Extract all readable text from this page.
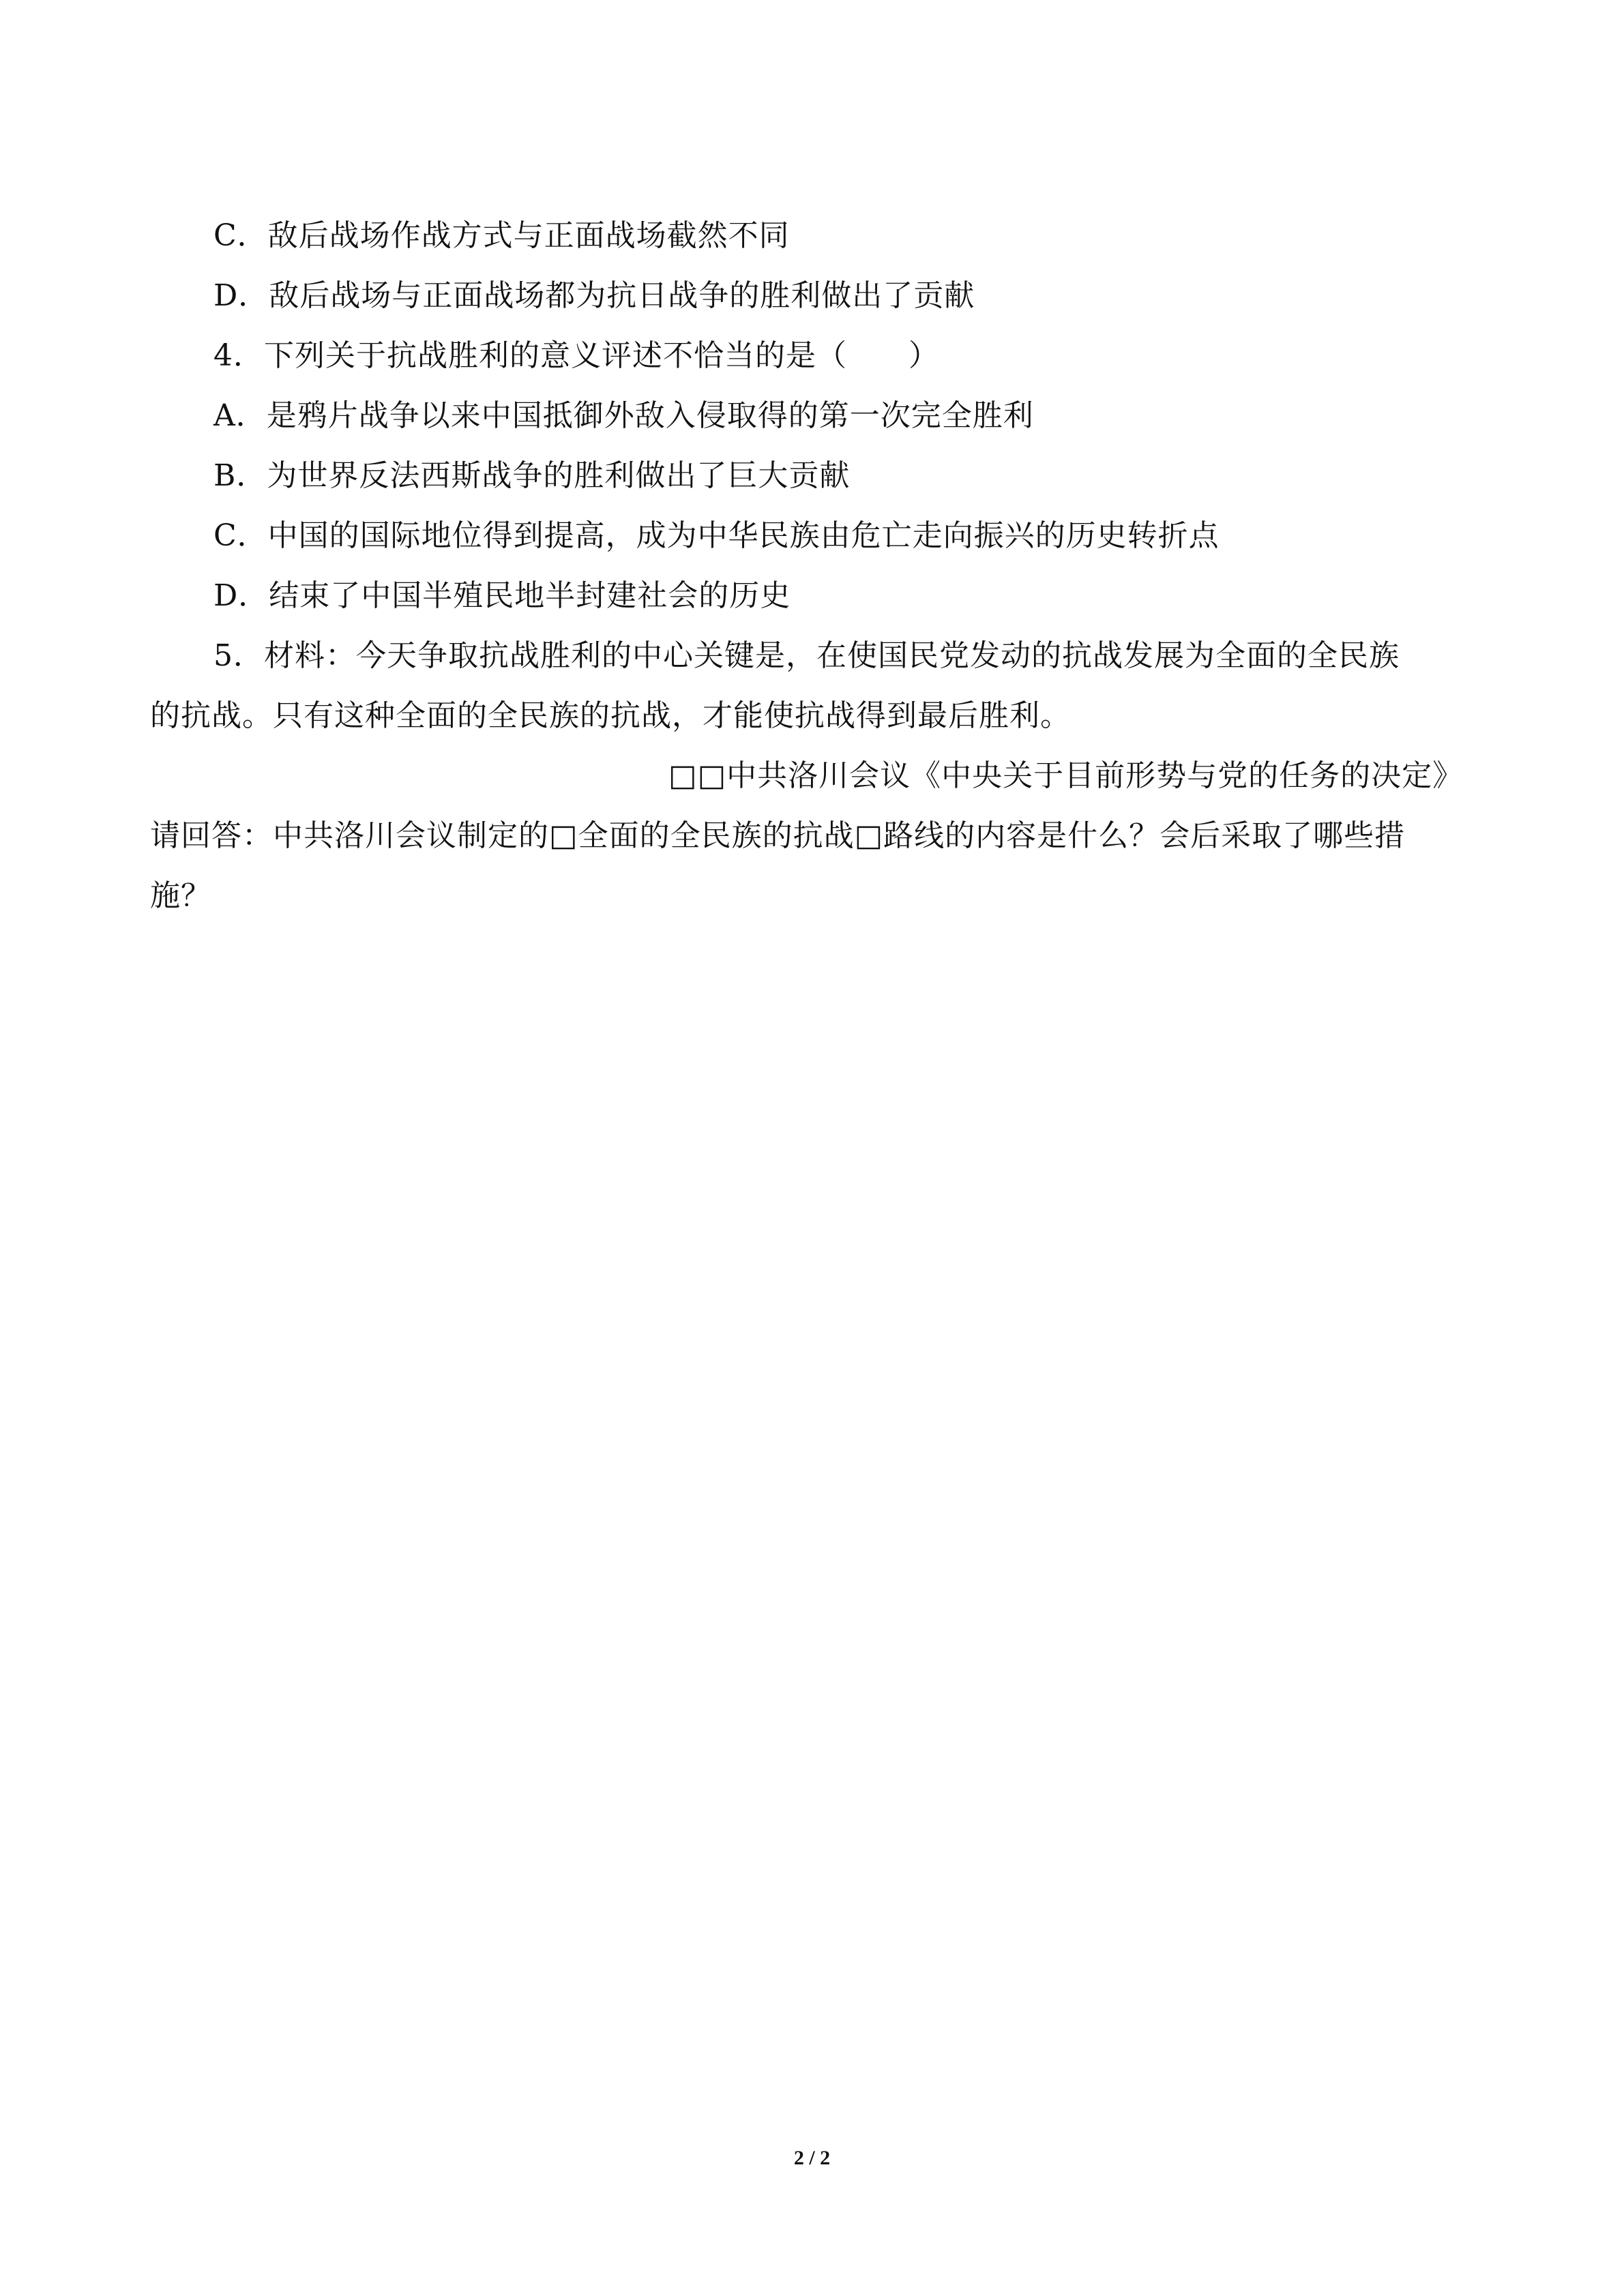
C．敌后战场作战方式与正面战场截然不同
D．敌后战场与正面战场都为抗日战争的胜利做出了贡献
4．下列关于抗战胜利的意义评述不恰当的是（　　）
A．是鸦片战争以来中国抵御外敌入侵取得的第一次完全胜利
B．为世界反法西斯战争的胜利做出了巨大贡献
C．中国的国际地位得到提高，成为中华民族由危亡走向振兴的历史转折点
D．结束了中国半殖民地半封建社会的历史
5．材料：今天争取抗战胜利的中心关键是，在使国民党发动的抗战发展为全面的全民族
的抗战。只有这种全面的全民族的抗战，才能使抗战得到最后胜利。
□□中共洛川会议《中央关于目前形势与党的任务的决定》
请回答：中共洛川会议制定的□全面的全民族的抗战□路线的内容是什么？会后采取了哪些措
施？
2 / 2
